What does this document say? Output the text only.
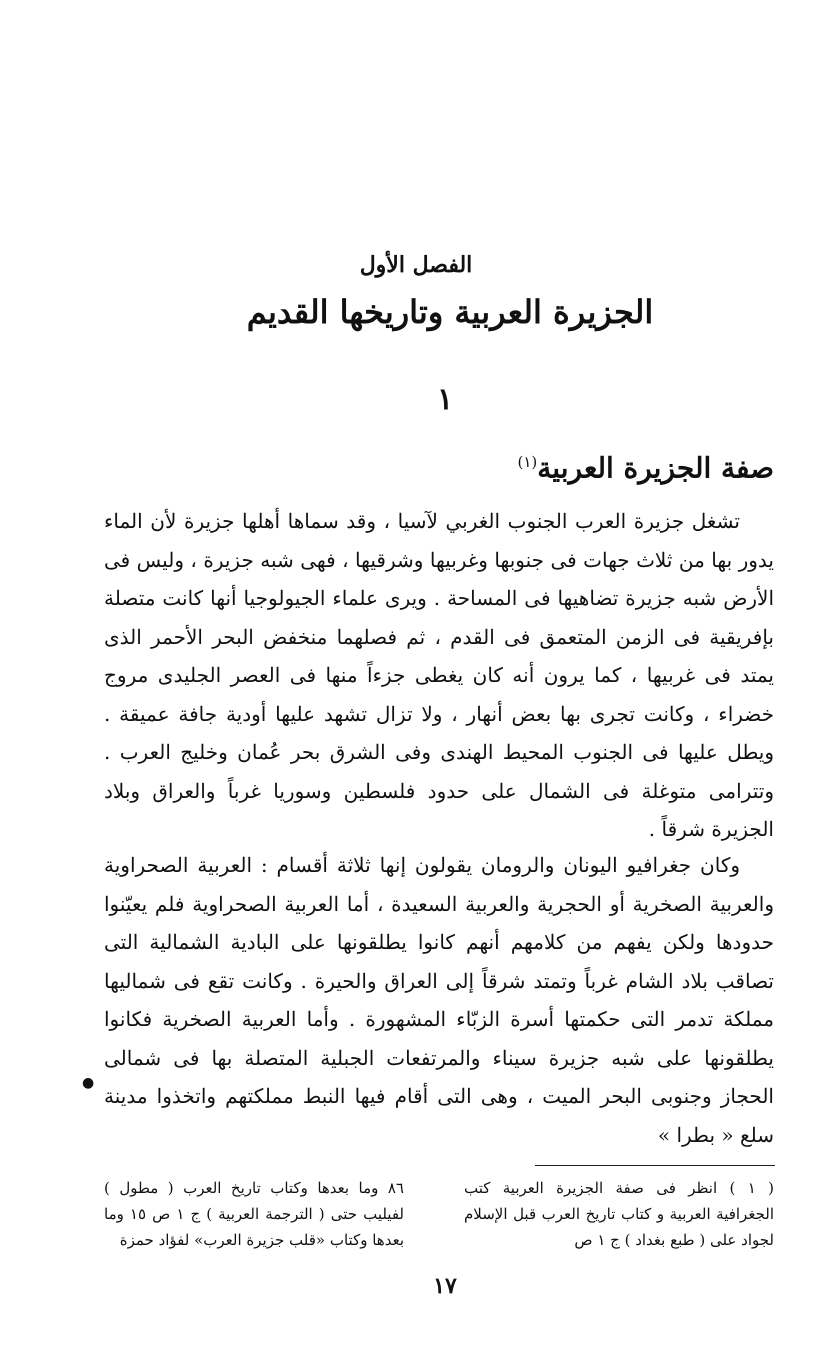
الفصل الأول
الجزيرة العربية وتاريخها القديم
١
صفة الجزيرة العربية$^{(١)}$

تشغل جزيرة العرب الجنوب الغربي لآسيا ، وقد سماها أهلها جزيرة لأن الماء يدور بها من ثلاث جهات فى جنوبها وغربيها وشرقيها ، فهى شبه جزيرة ، وليس فى الأرض شبه جزيرة تضاهيها فى المساحة . ويرى علماء الجيولوجيا أنها كانت متصلة بإفريقية فى الزمن المتعمق فى القدم ، ثم فصلهما منخفض البحر الأحمر الذى يمتد فى غربيها ، كما يرون أنه كان يغطى جزءاً منها فى العصر الجليدى مروج خضراء ، وكانت تجرى بها بعض أنهار ، ولا تزال تشهد عليها أودية جافة عميقة . ويطل عليها فى الجنوب المحيط الهندى وفى الشرق بحر عُمان وخليج العرب . وتترامى متوغلة فى الشمال على حدود فلسطين وسوريا غرباً والعراق وبلاد الجزيرة شرقاً .

وكان جغرافيو اليونان والرومان يقولون إنها ثلاثة أقسام : العربية الصحراوية والعربية الصخرية أو الحجرية والعربية السعيدة ، أما العربية الصحراوية فلم يعيّنوا حدودها ولكن يفهم من كلامهم أنهم كانوا يطلقونها على البادية الشمالية التى تصاقب بلاد الشام غرباً وتمتد شرقاً إلى العراق والحيرة . وكانت تقع فى شماليها مملكة تدمر التى حكمتها أسرة الزبّاء المشهورة . وأما العربية الصخرية فكانوا يطلقونها على شبه جزيرة سيناء والمرتفعات الجبلية المتصلة بها فى شمالى الحجاز وجنوبى البحر الميت ، وهى التى أقام فيها النبط مملكتهم واتخذوا مدينة سلع « بطرا »

●

( ١ ) انظر فى صفة الجزيرة العربية كتب الجغرافية العربية و كتاب تاريخ العرب قبل الإسلام لجواد على ( طبع بغداد ) ج ١ ص

٨٦ وما بعدها وكتاب تاريخ العرب ( مطول ) لفيليب حتى ( الترجمة العربية ) ج ١ ص ١٥ وما بعدها وكتاب «قلب جزيرة العرب» لفؤاد حمزة

١٧
